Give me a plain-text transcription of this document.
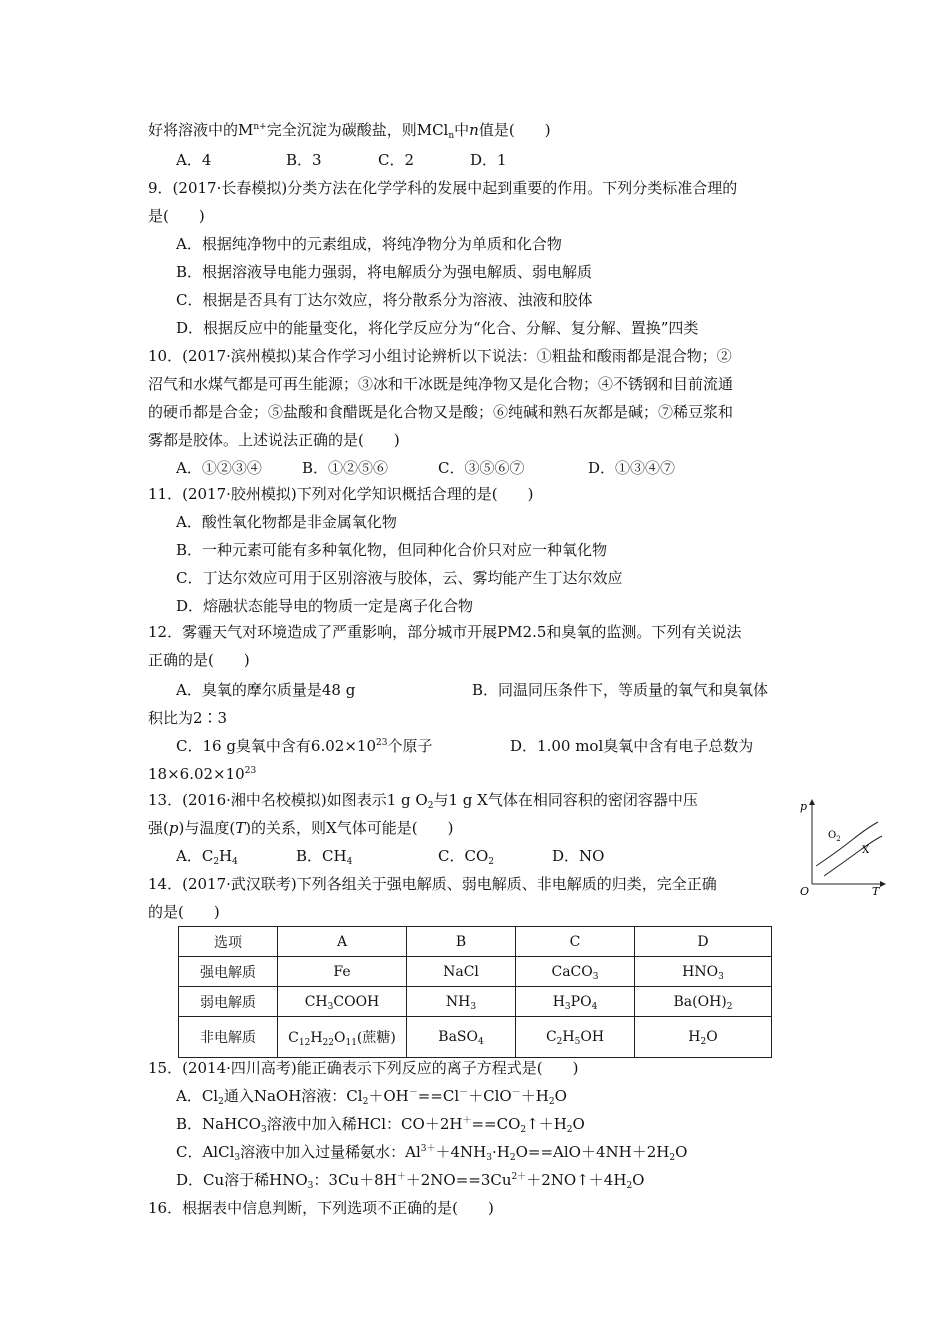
好将溶液中的$M^{n+}$完全沉淀为碳酸盐，则MCl$_n$中n值是(　　)
A．4	B．3	C．2	D．1
9．(2017·长春模拟)分类方法在化学学科的发展中起到重要的作用。下列分类标准合理的
是(　　)
A．根据纯净物中的元素组成，将纯净物分为单质和化合物
B．根据溶液导电能力强弱，将电解质分为强电解质、弱电解质
C．根据是否具有丁达尔效应，将分散系分为溶液、浊液和胶体
D．根据反应中的能量变化，将化学反应分为“化合、分解、复分解、置换”四类
10．(2017·滨州模拟)某合作学习小组讨论辨析以下说法：①粗盐和酸雨都是混合物；②
沼气和水煤气都是可再生能源；③冰和干冰既是纯净物又是化合物；④不锈钢和目前流通
的硬币都是合金；⑤盐酸和食醋既是化合物又是酸；⑥纯碱和熟石灰都是碱；⑦稀豆浆和
雾都是胶体。上述说法正确的是(　　)
A．①②③④	B．①②⑤⑥	C．③⑤⑥⑦	D．①③④⑦
11．(2017·胶州模拟)下列对化学知识概括合理的是(　　)
A．酸性氧化物都是非金属氧化物
B．一种元素可能有多种氧化物，但同种化合价只对应一种氧化物
C．丁达尔效应可用于区别溶液与胶体，云、雾均能产生丁达尔效应
D．熔融状态能导电的物质一定是离子化合物
12．雾霾天气对环境造成了严重影响，部分城市开展PM2.5和臭氧的监测。下列有关说法
正确的是(　　)
A．臭氧的摩尔质量是48 g	B．同温同压条件下，等质量的氧气和臭氧体
积比为2∶3
C．16 g臭氧中含有$6.02\times 10^{23}$个原子	D．1.00 mol臭氧中含有电子总数为
$18\times 6.02\times 10^{23}$
13．(2016·湘中名校模拟)如图表示1 g $O_2$与1 g X气体在相同容积的密闭容器中压
强(p)与温度(T)的关系，则X气体可能是(　　)
A．$C_2H_4$	B．$CH_4$	C．$CO_2$	D．NO
p
T
O
$O_2$
X
14．(2017·武汉联考)下列各组关于强电解质、弱电解质、非电解质的归类，完全正确
的是(　　)
选项	A	B	C	D
强电解质	Fe	NaCl	CaCO$_3$	$HNO_3$
弱电解质	$CH_3COOH$	$NH_3$	$H_3PO_4$	$Ba(OH)_2$
非电解质	$C_{12}H_{22}O_{11}$(蔗糖)	BaSO$_4$	$C_2H_5OH$	$H_2O$
15．(2014·四川高考)能正确表示下列反应的离子方程式是(　　)
A．$Cl_2$通入NaOH溶液：$Cl_2+OH^-==Cl^-+ClO^-+H_2O$
B．NaHCO$_3$溶液中加入稀HCl：$CO+2H^+==CO_2↑+H_2O$
C．AlCl$_3$溶液中加入过量稀氨水：$Al^{3+}+4NH_3\cdot H_2O==AlO+4NH+2H_2O$
D．Cu溶于稀$HNO_3$：$3Cu+8H^++2NO==3Cu^{2+}+2NO↑+4H_2O$
16．根据表中信息判断，下列选项不正确的是(　　)
